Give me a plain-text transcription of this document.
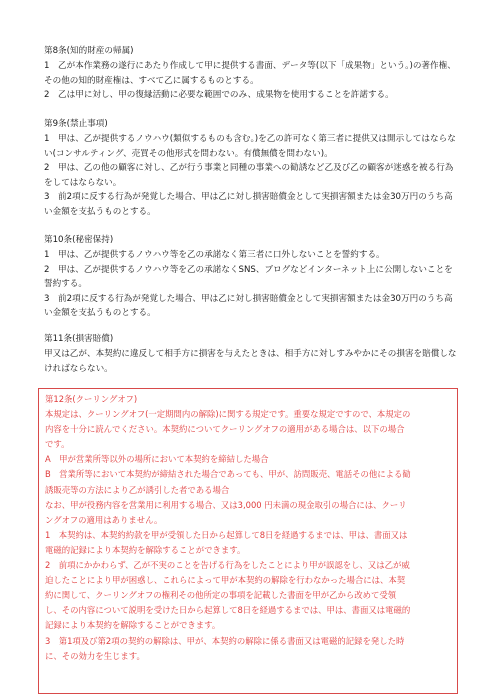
第8条(知的財産の帰属)

1　乙が本作業務の遂行にあたり作成して甲に提供する書面、データ等(以下「成果物」という。)の著作権、その他の知的財産権は、すべて乙に属するものとする。

2　乙は甲に対し、甲の復縁活動に必要な範囲でのみ、成果物を使用することを許諾する。

第9条(禁止事項)

1　甲は、乙が提供するノウハウ(類似するものも含む。)を乙の許可なく第三者に提供又は開示してはならない(コンサルティング、売買その他形式を問わない。有償無償を問わない)。

2　甲は、乙の他の顧客に対し、乙が行う事業と同種の事業への勧誘など乙及び乙の顧客が迷惑を被る行為をしてはならない。

3　前2項に反する行為が発覚した場合、甲は乙に対し損害賠償金として実損害額または金30万円のうち高い金額を支払うものとする。

第10条(秘密保持)

1　甲は、乙が提供するノウハウ等を乙の承諾なく第三者に口外しないことを誓約する。

2　甲は、乙が提供するノウハウ等を乙の承諾なくSNS、ブログなどインターネット上に公開しないことを誓約する。

3　前2項に反する行為が発覚した場合、甲は乙に対し損害賠償金として実損害額または金30万円のうち高い金額を支払うものとする。

第11条(損害賠償)

甲又は乙が、本契約に違反して相手方に損害を与えたときは、相手方に対しすみやかにその損害を賠償しなければならない。

第12条(クーリングオフ)

本規定は、クーリングオフ(一定期間内の解除)に関する規定です。重要な規定ですので、本規定の

内容を十分に読んでください。本契約についてクーリングオフの適用がある場合は、以下の場合

です。

A　甲が営業所等以外の場所において本契約を締結した場合

B　営業所等において本契約が締結された場合であっても、甲が、訪問販売、電話その他による勧

誘販売等の方法により乙が誘引した者である場合

なお、甲が役務内容を営業用に利用する場合、又は3,000 円未満の現金取引の場合には、クーリ

ングオフの適用はありません。

1　本契約は、本契約約款を甲が受領した日から起算して8日を経過するまでは、甲は、書面又は

電磁的記録により本契約を解除することができます。

2　前項にかかわらず、乙が不実のことを告げる行為をしたことにより甲が誤認をし、又は乙が威

迫したことにより甲が困惑し、これらによって甲が本契約の解除を行わなかった場合には、本契

約に関して、クーリングオフの権利その他所定の事項を記載した書面を甲が乙から改めて受領

し、その内容について説明を受けた日から起算して8日を経過するまでは、甲は、書面又は電磁的

記録により本契約を解除することができます。

3　第1項及び第2項の契約の解除は、甲が、本契約の解除に係る書面又は電磁的記録を発した時

に、その効力を生じます。
